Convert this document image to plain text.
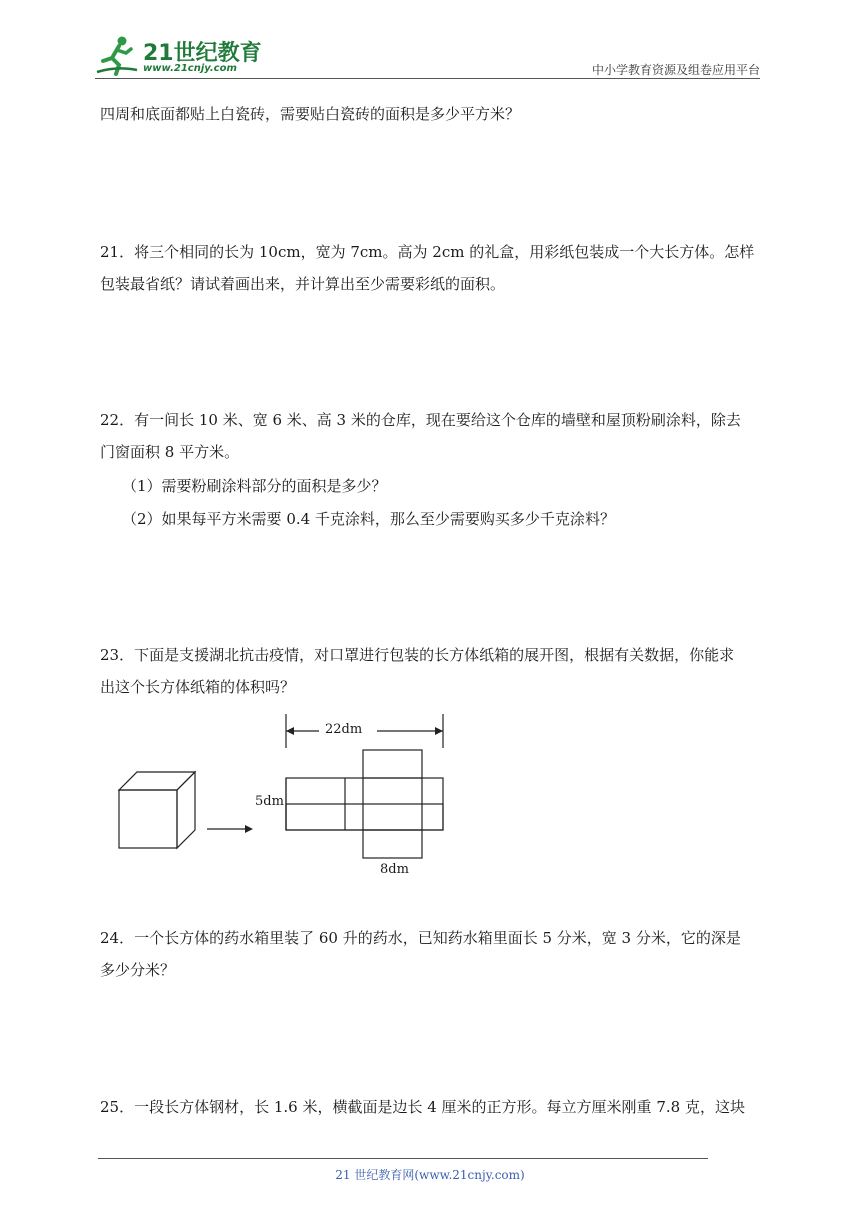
21世纪教育
www.21cnjy.com	中小学教育资源及组卷应用平台
四周和底面都贴上白瓷砖，需要贴白瓷砖的面积是多少平方米？
21．将三个相同的长为 10cm，宽为 7cm。高为 2cm 的礼盒，用彩纸包装成一个大长方体。怎样
包装最省纸？请试着画出来，并计算出至少需要彩纸的面积。
22．有一间长 10 米、宽 6 米、高 3 米的仓库，现在要给这个仓库的墙壁和屋顶粉刷涂料，除去
门窗面积 8 平方米。
（1）需要粉刷涂料部分的面积是多少？
（2）如果每平方米需要 0.4 千克涂料，那么至少需要购买多少千克涂料？
23．下面是支援湖北抗击疫情，对口罩进行包装的长方体纸箱的展开图，根据有关数据，你能求
出这个长方体纸箱的体积吗？
22dm
5dm
8dm
24．一个长方体的药水箱里装了 60 升的药水，已知药水箱里面长 5 分米，宽 3 分米，它的深是
多少分米？
25．一段长方体钢材，长 1.6 米，横截面是边长 4 厘米的正方形。每立方厘米刚重 7.8 克，这块
21 世纪教育网(www.21cnjy.com)
